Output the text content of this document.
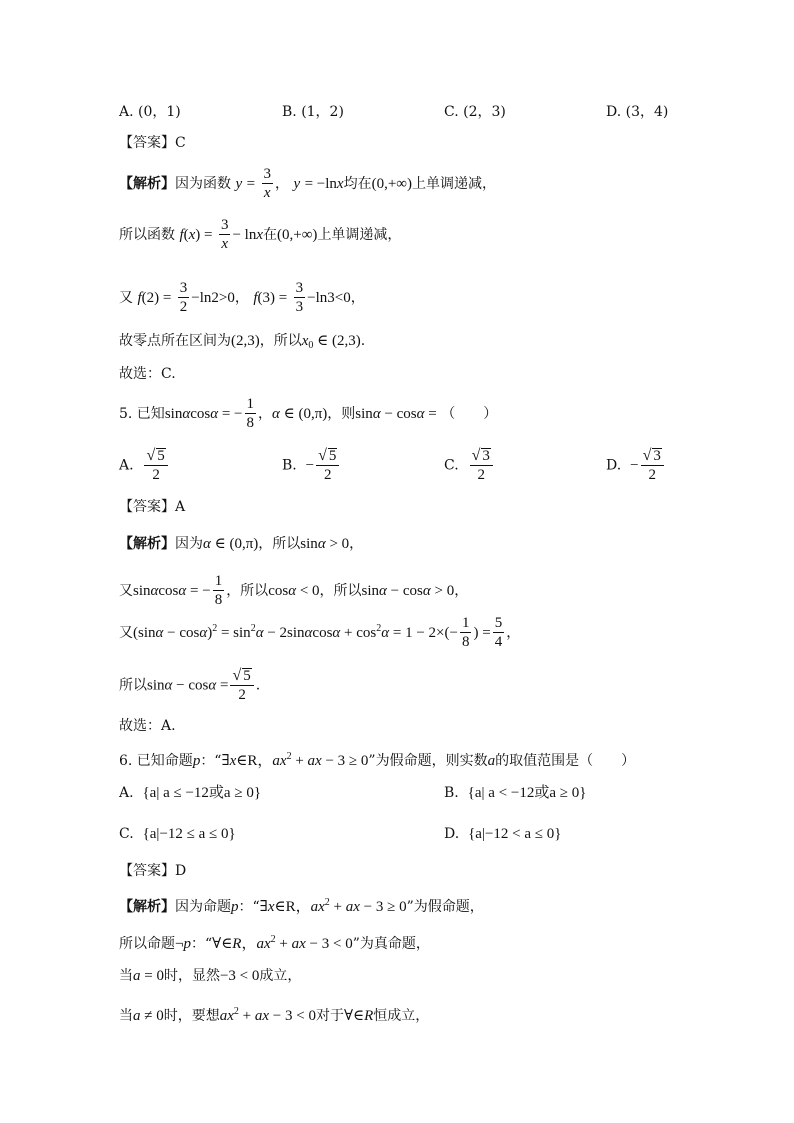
A. (0，1)	B. (1，2)	C. (2，3)	D. (3，4)
【答案】C
【解析】因为函数 $y = \frac{3}{x}$ ， y = −lnx均在(0,+∞)上单调递减，
所以函数 $f(x) = \frac{3}{x} - \ln x$在(0,+∞)上单调递减，
又 $f(2) = \frac{3}{2} -\ln 2>0$， $f(3) = \frac{3}{3} -\ln 3<0$，
故零点所在区间为(2,3)，所以$x_0$ ∈ (2,3).
故选：C.
5. 已知sinαcosα = − $\frac{1}{8}$ ，α ∈ (0,π)，则sinα − cosα = （　　）
A. $\frac{√ 5}{2}$	B. − $\frac{√ 5}{2}$	C. $\frac{√ 3}{2}$	D. − $\frac{√ 3}{2}$
【答案】A
【解析】因为α ∈ (0,π)，所以sinα > 0，
又sinαcosα = − $\frac{1}{8}$ ，所以cosα < 0，所以sinα − cosα > 0，
又$(\sin\alpha - \cos\alpha)^2 = \sin^2\alpha - 2\sin\alpha\cos\alpha + \cos^2\alpha = 1 - 2\times(- \frac{1}{8}$ ) = $\frac{5}{4}$ ，
所以$\sin\alpha - \cos\alpha = \frac{√ 5}{2}$ .
故选：A.
6. 已知命题p：“∃x∈R，$ax^2$ + ax − 3 ≥ 0”为假命题，则实数a的取值范围是（　　）
A. {a| a ≤ −12或a ≥ 0}	B. {a| a < −12或a ≥ 0}
C. {a|−12 ≤ a ≤ 0}	D. {a|−12 < a ≤ 0}
【答案】D
【解析】因为命题p：“∃x∈R，$ax^2$ + ax − 3 ≥ 0”为假命题，
所以命题¬p：“∀∈R，$ax^2$ + ax − 3 < 0”为真命题，
当a = 0时，显然−3 < 0成立，
当a ≠ 0时，要想$ax^2$ + ax − 3 < 0对于∀∈R恒成立，
